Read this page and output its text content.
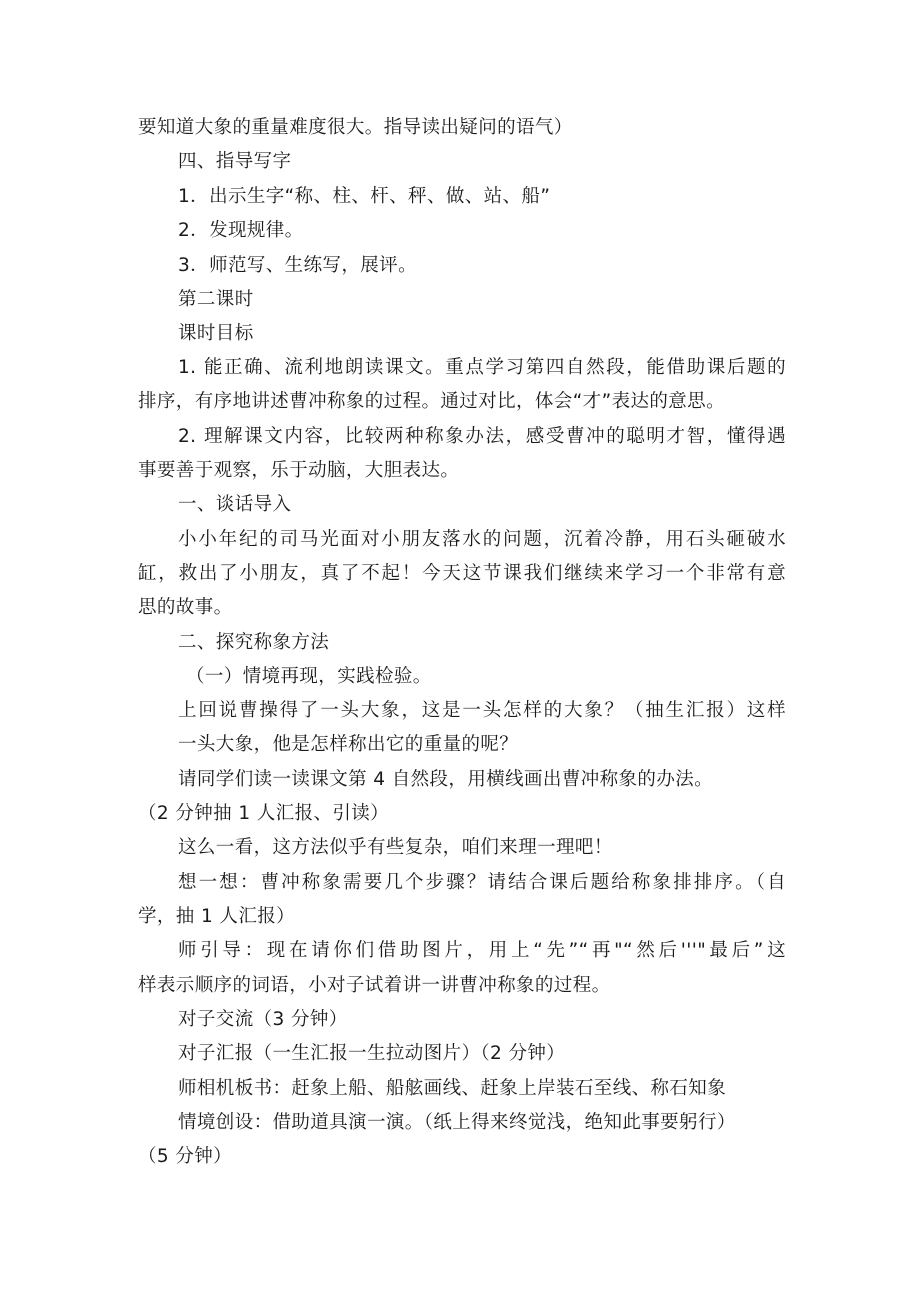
要知道大象的重量难度很大。指导读出疑问的语气）
四、指导写字
1．出示生字“称、柱、杆、秤、做、站、船”
2．发现规律。
3．师范写、生练写，展评。
第二课时
课时目标
1. 能正确、流利地朗读课文。重点学习第四自然段，能借助课后题的
排序，有序地讲述曹冲称象的过程。通过对比，体会“才”表达的意思。
2. 理解课文内容，比较两种称象办法，感受曹冲的聪明才智，懂得遇
事要善于观察，乐于动脑，大胆表达。
一、谈话导入
小小年纪的司马光面对小朋友落水的问题，沉着冷静，用石头砸破水
缸，救出了小朋友，真了不起！今天这节课我们继续来学习一个非常有意
思的故事。
二、探究称象方法
（一）情境再现，实践检验。
上回说曹操得了一头大象，这是一头怎样的大象？（抽生汇报）这样
一头大象，他是怎样称出它的重量的呢？
请同学们读一读课文第 4 自然段，用横线画出曹冲称象的办法。
（2 分钟抽 1 人汇报、引读）
这么一看，这方法似乎有些复杂，咱们来理一理吧！
想一想：曹冲称象需要几个步骤？请结合课后题给称象排排序。（自
学，抽 1 人汇报）
师引导：现在请你们借助图片，用上“先”“再"“然后'''"最后”这
样表示顺序的词语，小对子试着讲一讲曹冲称象的过程。
对子交流（3 分钟）
对子汇报（一生汇报一生拉动图片）（2 分钟）
师相机板书：赶象上船、船舷画线、赶象上岸装石至线、称石知象
情境创设：借助道具演一演。（纸上得来终觉浅，绝知此事要躬行）
（5 分钟）
